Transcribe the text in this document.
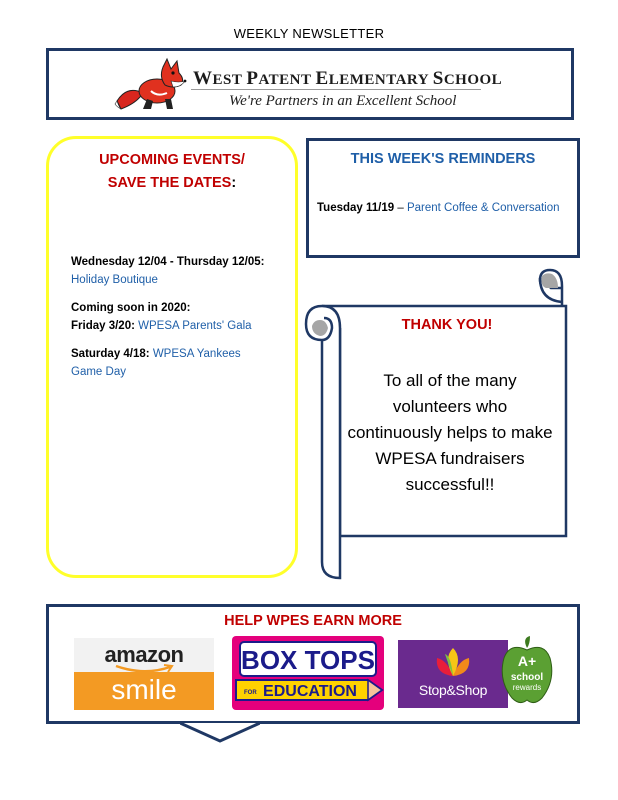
WEEKLY NEWSLETTER
WEST PATENT ELEMENTARY SCHOOL
We're Partners in an Excellent School
UPCOMING EVENTS/
SAVE THE DATES:
Wednesday 12/04 - Thursday 12/05:
Holiday Boutique
Coming soon in 2020:
Friday 3/20: WPESA Parents' Gala
Saturday 4/18: WPESA Yankees
Game Day
THIS WEEK'S REMINDERS
Tuesday 11/19 – Parent Coffee & Conversation
THANK YOU!
To all of the many
volunteers who
continuously helps to make
WPESA fundraisers
successful!!
HELP WPES EARN MORE
amazon
smile
BOX TOPS
FOR EDUCATION	Stop&Shop
A+
school
rewards
